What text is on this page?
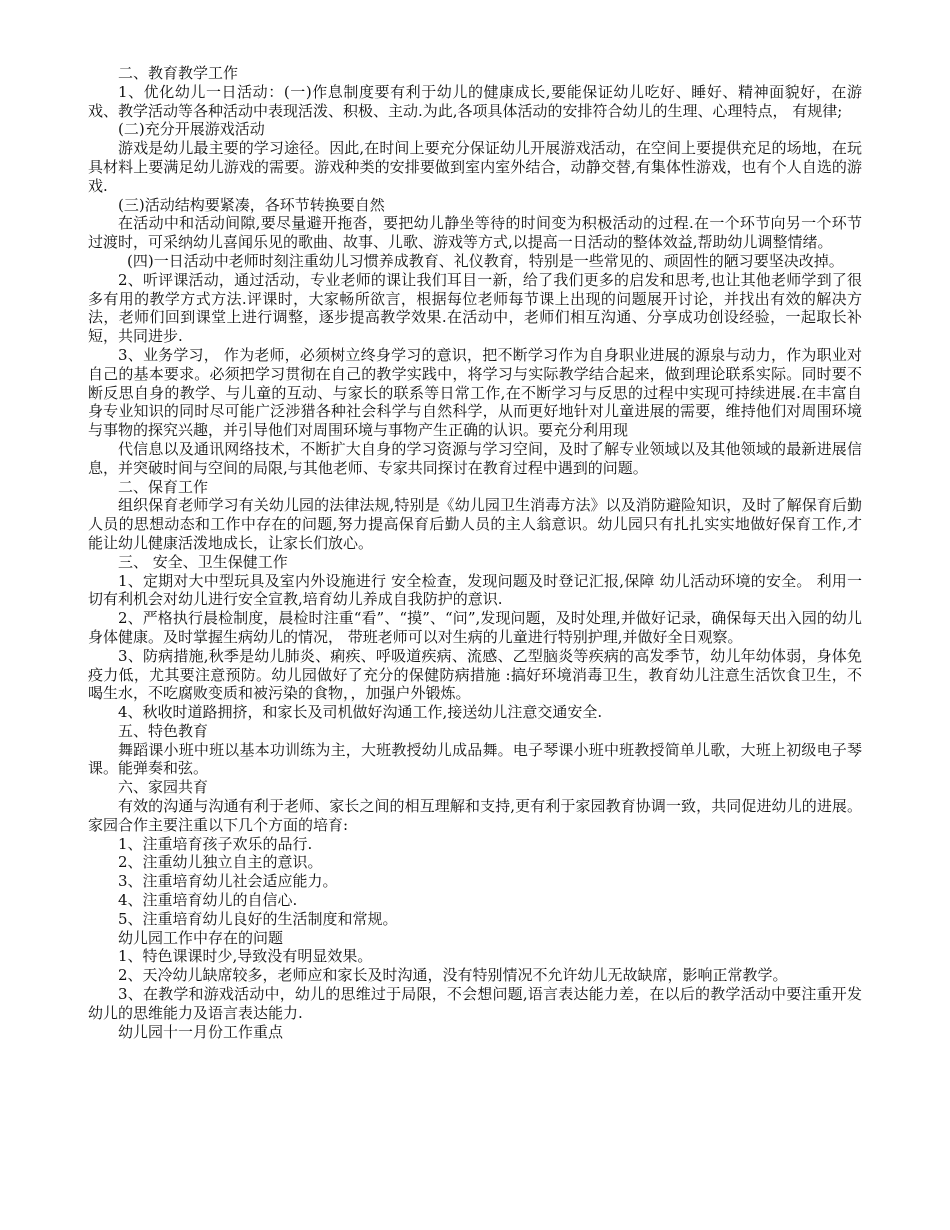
二、教育教学工作

1、优化幼儿一日活动：(一)作息制度要有利于幼儿的健康成长,要能保证幼儿吃好、睡好、精神面貌好，在游戏、教学活动等各种活动中表现活泼、积极、主动.为此,各项具体活动的安排符合幼儿的生理、心理特点， 有规律;

(二)充分开展游戏活动

游戏是幼儿最主要的学习途径。因此,在时间上要充分保证幼儿开展游戏活动，在空间上要提供充足的场地，在玩具材料上要满足幼儿游戏的需要。游戏种类的安排要做到室内室外结合，动静交替,有集体性游戏，也有个人自选的游戏.

(三)活动结构要紧凑，各环节转换要自然

在活动中和活动间隙,要尽量避开拖沓，要把幼儿静坐等待的时间变为积极活动的过程.在一个环节向另一个环节过渡时，可采纳幼儿喜闻乐见的歌曲、故事、儿歌、游戏等方式,以提高一日活动的整体效益,帮助幼儿调整情绪。

(四)一日活动中老师时刻注重幼儿习惯养成教育、礼仪教育，特别是一些常见的、顽固性的陋习要坚决改掉。

2、听评课活动，通过活动，专业老师的课让我们耳目一新，给了我们更多的启发和思考,也让其他老师学到了很多有用的教学方式方法.评课时，大家畅所欲言，根据每位老师每节课上出现的问题展开讨论，并找出有效的解决方法，老师们回到课堂上进行调整，逐步提高教学效果.在活动中，老师们相互沟通、分享成功创设经验，一起取长补短，共同进步.

3、业务学习， 作为老师，必须树立终身学习的意识，把不断学习作为自身职业进展的源泉与动力，作为职业对自己的基本要求。必须把学习贯彻在自己的教学实践中，将学习与实际教学结合起来，做到理论联系实际。同时要不断反思自身的教学、与儿童的互动、与家长的联系等日常工作,在不断学习与反思的过程中实现可持续进展.在丰富自身专业知识的同时尽可能广泛涉猎各种社会科学与自然科学，从而更好地针对儿童进展的需要，维持他们对周围环境与事物的探究兴趣，并引导他们对周围环境与事物产生正确的认识。要充分利用现

代信息以及通讯网络技术，不断扩大自身的学习资源与学习空间，及时了解专业领域以及其他领域的最新进展信息，并突破时间与空间的局限,与其他老师、专家共同探讨在教育过程中遇到的问题。

二、保育工作

组织保育老师学习有关幼儿园的法律法规,特别是《幼儿园卫生消毒方法》以及消防避险知识，及时了解保育后勤人员的思想动态和工作中存在的问题,努力提高保育后勤人员的主人翁意识。幼儿园只有扎扎实实地做好保育工作,才能让幼儿健康活泼地成长，让家长们放心。

三、 安全、卫生保健工作

1、定期对大中型玩具及室内外设施进行 安全检查，发现问题及时登记汇报,保障 幼儿活动环境的安全。 利用一切有利机会对幼儿进行安全宣教,培育幼儿养成自我防护的意识.

2、严格执行晨检制度，晨检时注重“看”、“摸”、“问”,发现问题，及时处理,并做好记录，确保每天出入园的幼儿身体健康。及时掌握生病幼儿的情况， 带班老师可以对生病的儿童进行特别护理,并做好全日观察。

3、防病措施,秋季是幼儿肺炎、痢疾、呼吸道疾病、流感、乙型脑炎等疾病的高发季节，幼儿年幼体弱，身体免疫力低，尤其要注意预防。幼儿园做好了充分的保健防病措施 :搞好环境消毒卫生，教育幼儿注意生活饮食卫生，不喝生水，不吃腐败变质和被污染的食物，，加强户外锻炼。

4、秋收时道路拥挤，和家长及司机做好沟通工作,接送幼儿注意交通安全.

五、特色教育

舞蹈课小班中班以基本功训练为主，大班教授幼儿成品舞。电子琴课小班中班教授简单儿歌，大班上初级电子琴课。能弹奏和弦。

六、家园共育

有效的沟通与沟通有利于老师、家长之间的相互理解和支持,更有利于家园教育协调一致，共同促进幼儿的进展。家园合作主要注重以下几个方面的培育:

1、注重培育孩子欢乐的品行.

2、注重幼儿独立自主的意识。

3、注重培育幼儿社会适应能力。

4、注重培育幼儿的自信心.

5、注重培育幼儿良好的生活制度和常规。

幼儿园工作中存在的问题

1、特色课课时少,导致没有明显效果。

2、天冷幼儿缺席较多，老师应和家长及时沟通，没有特别情况不允许幼儿无故缺席，影响正常教学。

3、在教学和游戏活动中，幼儿的思维过于局限，不会想问题,语言表达能力差，在以后的教学活动中要注重开发幼儿的思维能力及语言表达能力.

幼儿园十一月份工作重点
